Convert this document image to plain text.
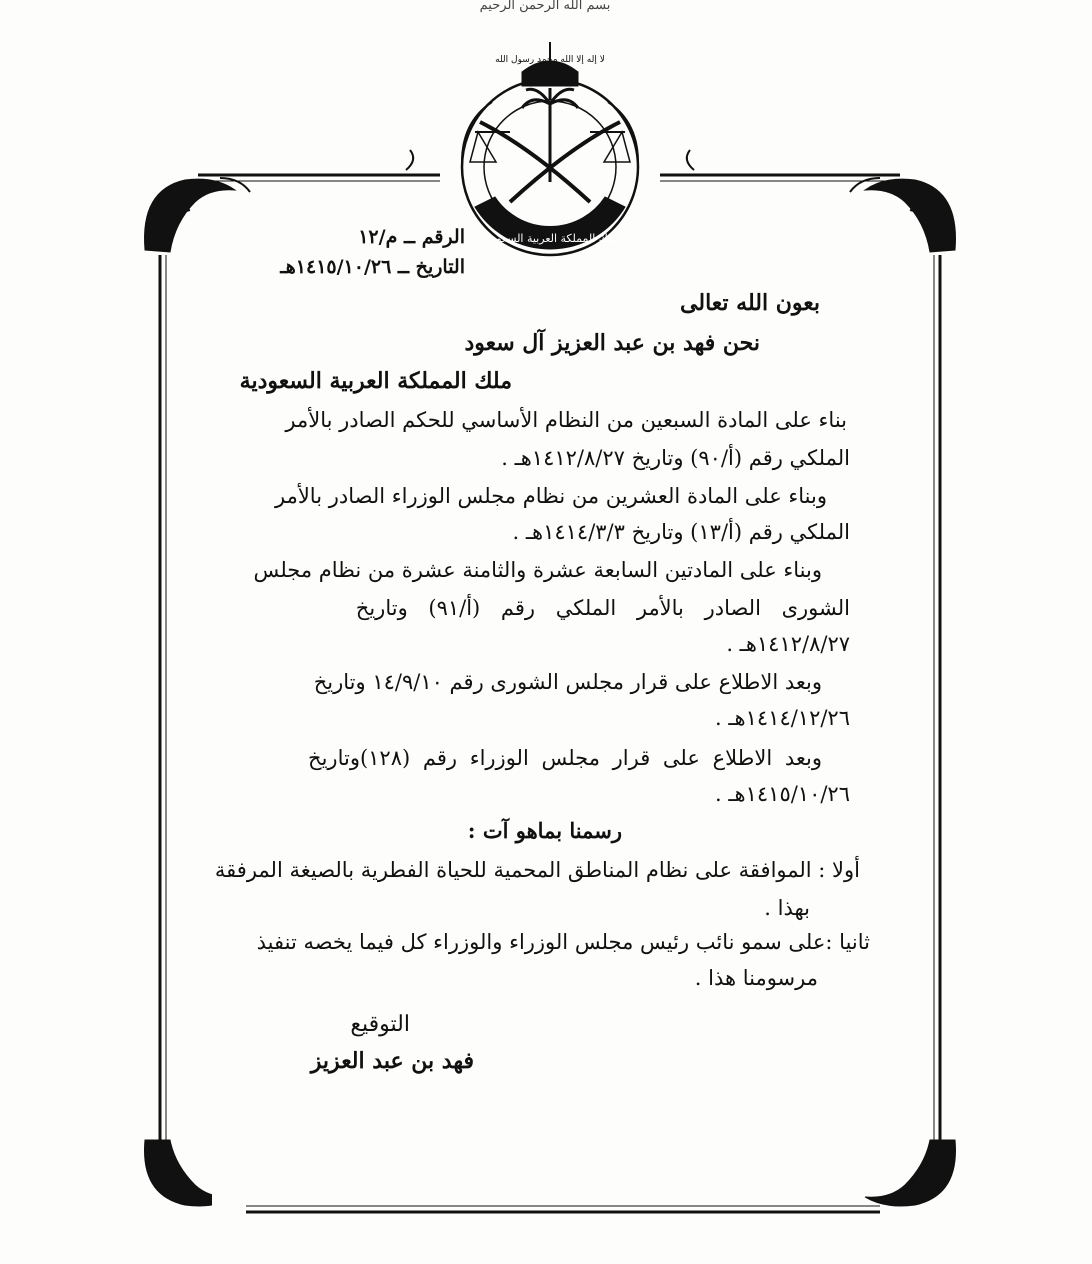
بسم الله الرحمن الرحيم
ملك المملكة العربية السعودية
لا إله إلا الله محمد رسول الله
الرقم ــ م/١٢
التاريخ ــ ١٤١٥/١٠/٢٦هـ
بعون الله تعالى
نحن فهد بن عبد العزيز آل سعود
ملك المملكة العربية السعودية
بناء على المادة السبعين من النظام الأساسي للحكم الصادر بالأمر
الملكي رقم (أ/٩٠) وتاريخ ١٤١٢/٨/٢٧هـ .
وبناء على المادة العشرين من نظام مجلس الوزراء الصادر بالأمر
الملكي رقم (أ/١٣) وتاريخ ١٤١٤/٣/٣هـ .
وبناء على المادتين السابعة عشرة والثامنة عشرة من نظام مجلس
الشورى الصادر بالأمر الملكي رقم (أ/٩١) وتاريخ
١٤١٢/٨/٢٧هـ .
وبعد الاطلاع على قرار مجلس الشورى رقم ١٤/٩/١٠ وتاريخ
١٤١٤/١٢/٢٦هـ .
وبعد الاطلاع على قرار مجلس الوزراء رقم (١٢٨)وتاريخ
١٤١٥/١٠/٢٦هـ .
رسمنا بماهو آت :
أولا : الموافقة على نظام المناطق المحمية للحياة الفطرية بالصيغة المرفقة
بهذا .
ثانيا :على سمو نائب رئيس مجلس الوزراء والوزراء كل فيما يخصه تنفيذ
مرسومنا هذا .
التوقيع
فهد بن عبد العزيز
